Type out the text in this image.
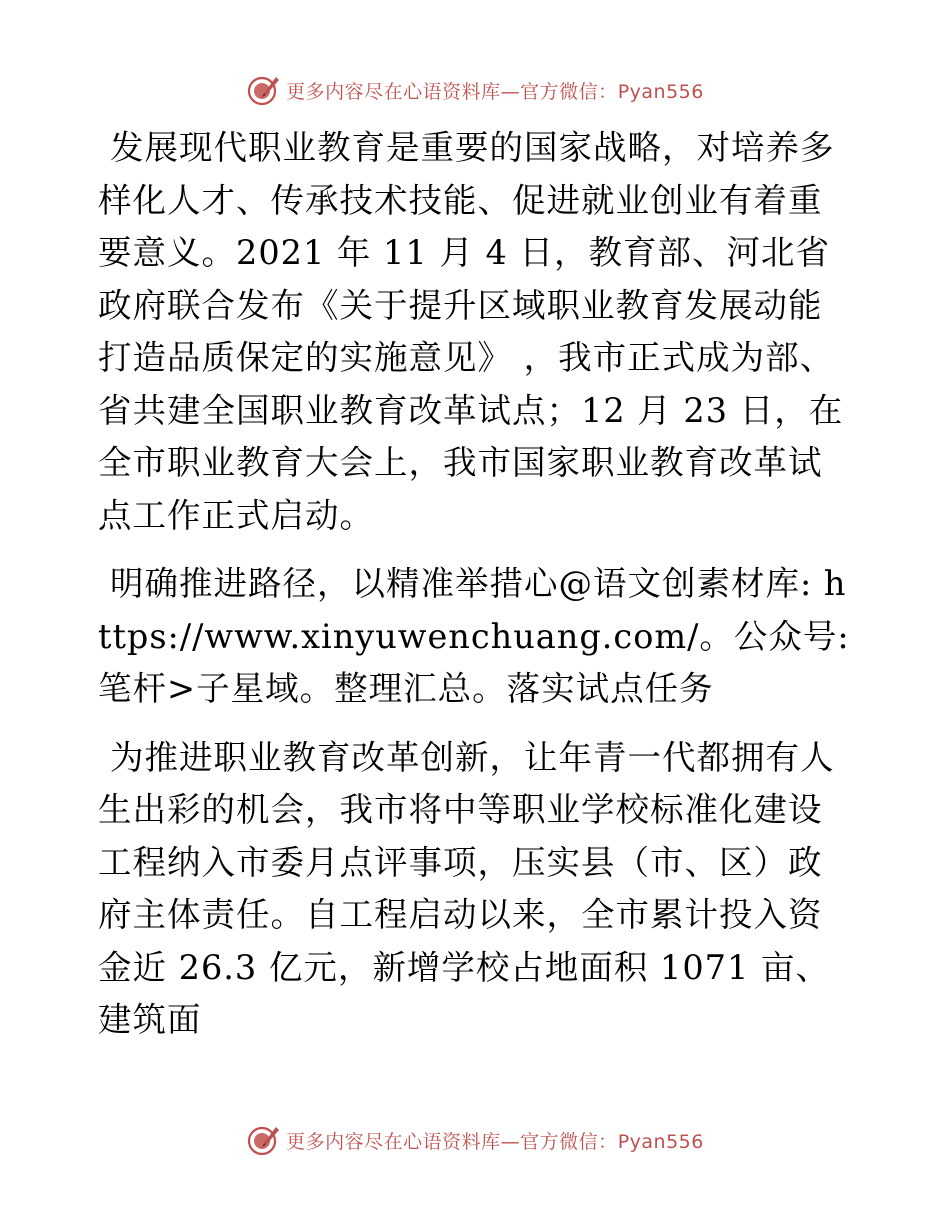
更多内容尽在心语资料库—官方微信：Pyan556

发展现代职业教育是重要的国家战略，对培养多样化人才、传承技术技能、促进就业创业有着重要意义。2021 年 11 月 4 日，教育部、河北省政府联合发布《关于提升区域职业教育发展动能打造品质保定的实施意见》 ，我市正式成为部、省共建全国职业教育改革试点；12 月 23 日，在全市职业教育大会上，我市国家职业教育改革试点工作正式启动。

明确推进路径，以精准举措心@语文创素材库: https://www.xinyuwenchuang.com/。公众号: 笔杆>子星域。整理汇总。落实试点任务

为推进职业教育改革创新，让年青一代都拥有人生出彩的机会，我市将中等职业学校标准化建设工程纳入市委月点评事项，压实县（市、区）政府主体责任。自工程启动以来，全市累计投入资金近 26.3 亿元，新增学校占地面积 1071 亩、建筑面

更多内容尽在心语资料库—官方微信：Pyan556
